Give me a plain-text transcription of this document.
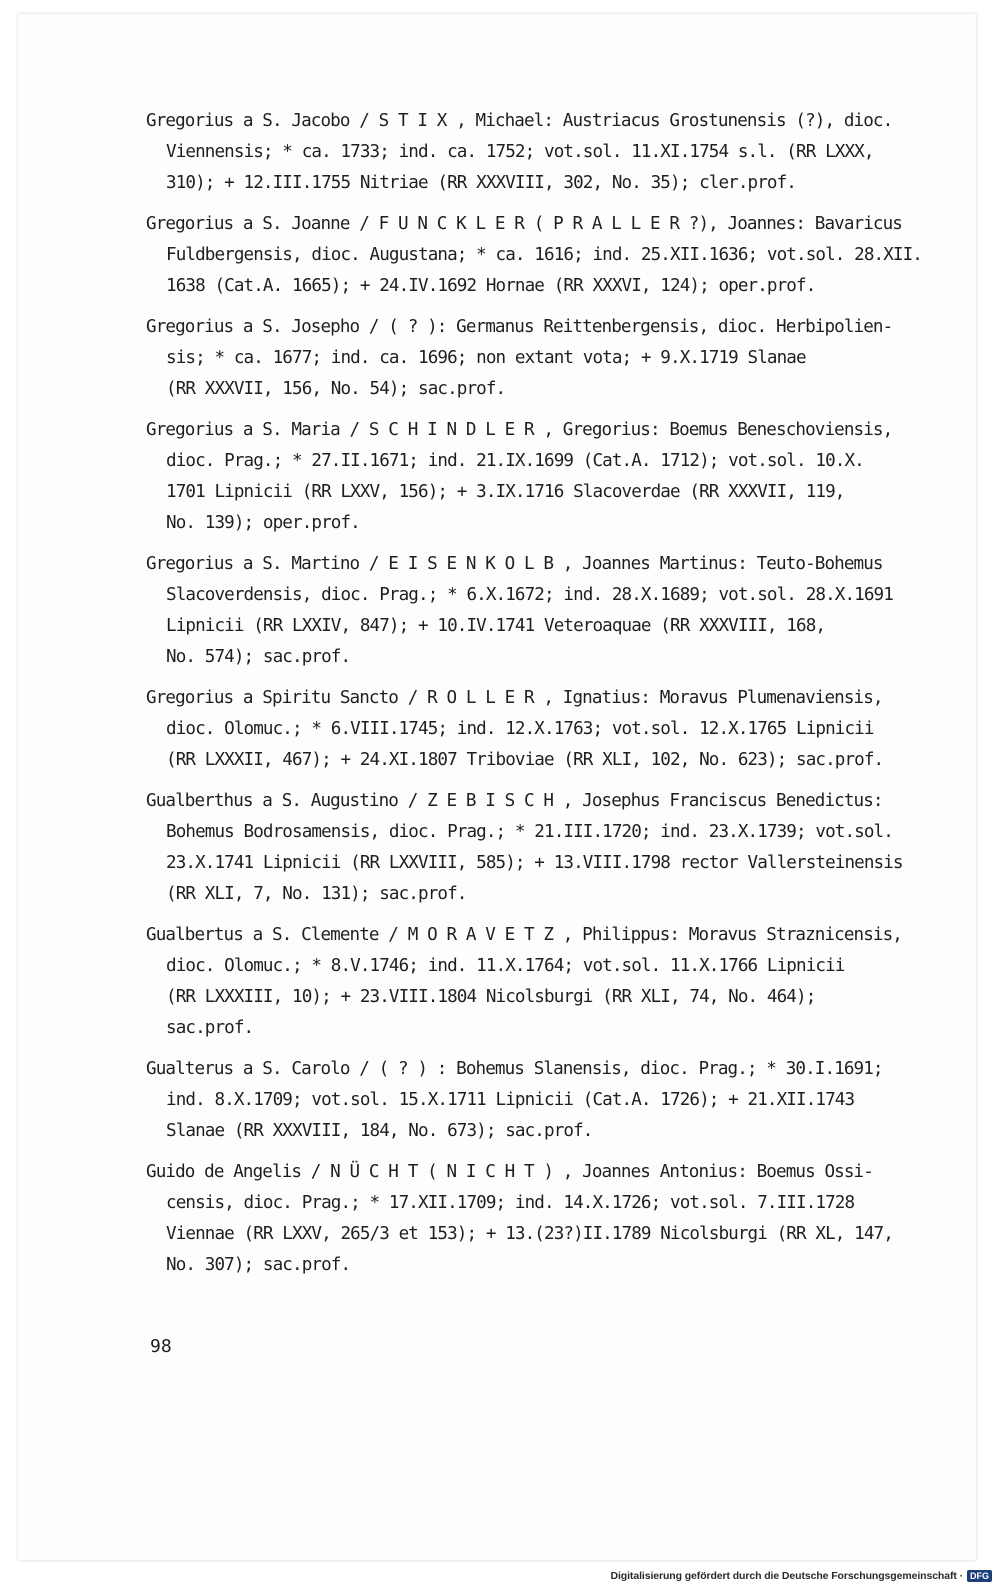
Gregorius a S. Jacobo / S T I X , Michael: Austriacus Grostunensis (?), dioc.
Viennensis; * ca. 1733; ind. ca. 1752; vot.sol. 11.XI.1754 s.l. (RR LXXX,
310); + 12.III.1755 Nitriae (RR XXXVIII, 302, No. 35); cler.prof.
Gregorius a S. Joanne / F U N C K L E R ( P R A L L E R ?), Joannes: Bavaricus
Fuldbergensis, dioc. Augustana; * ca. 1616; ind. 25.XII.1636; vot.sol. 28.XII.
1638 (Cat.A. 1665); + 24.IV.1692 Hornae (RR XXXVI, 124); oper.prof.
Gregorius a S. Josepho / ( ? ): Germanus Reittenbergensis, dioc. Herbipolien-
sis; * ca. 1677; ind. ca. 1696; non extant vota; + 9.X.1719 Slanae
(RR XXXVII, 156, No. 54); sac.prof.
Gregorius a S. Maria / S C H I N D L E R , Gregorius: Boemus Beneschoviensis,
dioc. Prag.; * 27.II.1671; ind. 21.IX.1699 (Cat.A. 1712); vot.sol. 10.X.
1701 Lipnicii (RR LXXV, 156); + 3.IX.1716 Slacoverdae (RR XXXVII, 119,
No. 139); oper.prof.
Gregorius a S. Martino / E I S E N K O L B , Joannes Martinus: Teuto-Bohemus
Slacoverdensis, dioc. Prag.; * 6.X.1672; ind. 28.X.1689; vot.sol. 28.X.1691
Lipnicii (RR LXXIV, 847); + 10.IV.1741 Veteroaquae (RR XXXVIII, 168,
No. 574); sac.prof.
Gregorius a Spiritu Sancto / R O L L E R , Ignatius: Moravus Plumenaviensis,
dioc. Olomuc.; * 6.VIII.1745; ind. 12.X.1763; vot.sol. 12.X.1765 Lipnicii
(RR LXXXII, 467); + 24.XI.1807 Triboviae (RR XLI, 102, No. 623); sac.prof.
Gualberthus a S. Augustino / Z E B I S C H , Josephus Franciscus Benedictus:
Bohemus Bodrosamensis, dioc. Prag.; * 21.III.1720; ind. 23.X.1739; vot.sol.
23.X.1741 Lipnicii (RR LXXVIII, 585); + 13.VIII.1798 rector Vallersteinensis
(RR XLI, 7, No. 131); sac.prof.
Gualbertus a S. Clemente / M O R A V E T Z , Philippus: Moravus Straznicensis,
dioc. Olomuc.; * 8.V.1746; ind. 11.X.1764; vot.sol. 11.X.1766 Lipnicii
(RR LXXXIII, 10); + 23.VIII.1804 Nicolsburgi (RR XLI, 74, No. 464);
sac.prof.
Gualterus a S. Carolo / ( ? ) : Bohemus Slanensis, dioc. Prag.; * 30.I.1691;
ind. 8.X.1709; vot.sol. 15.X.1711 Lipnicii (Cat.A. 1726); + 21.XII.1743
Slanae (RR XXXVIII, 184, No. 673); sac.prof.
Guido de Angelis / N Ü C H T ( N I C H T ) , Joannes Antonius: Boemus Ossi-
censis, dioc. Prag.; * 17.XII.1709; ind. 14.X.1726; vot.sol. 7.III.1728
Viennae (RR LXXV, 265/3 et 153); + 13.(23?)II.1789 Nicolsburgi (RR XL, 147,
No. 307); sac.prof.
98
Digitalisierung gefördert durch die Deutsche Forschungsgemeinschaft · DFG
